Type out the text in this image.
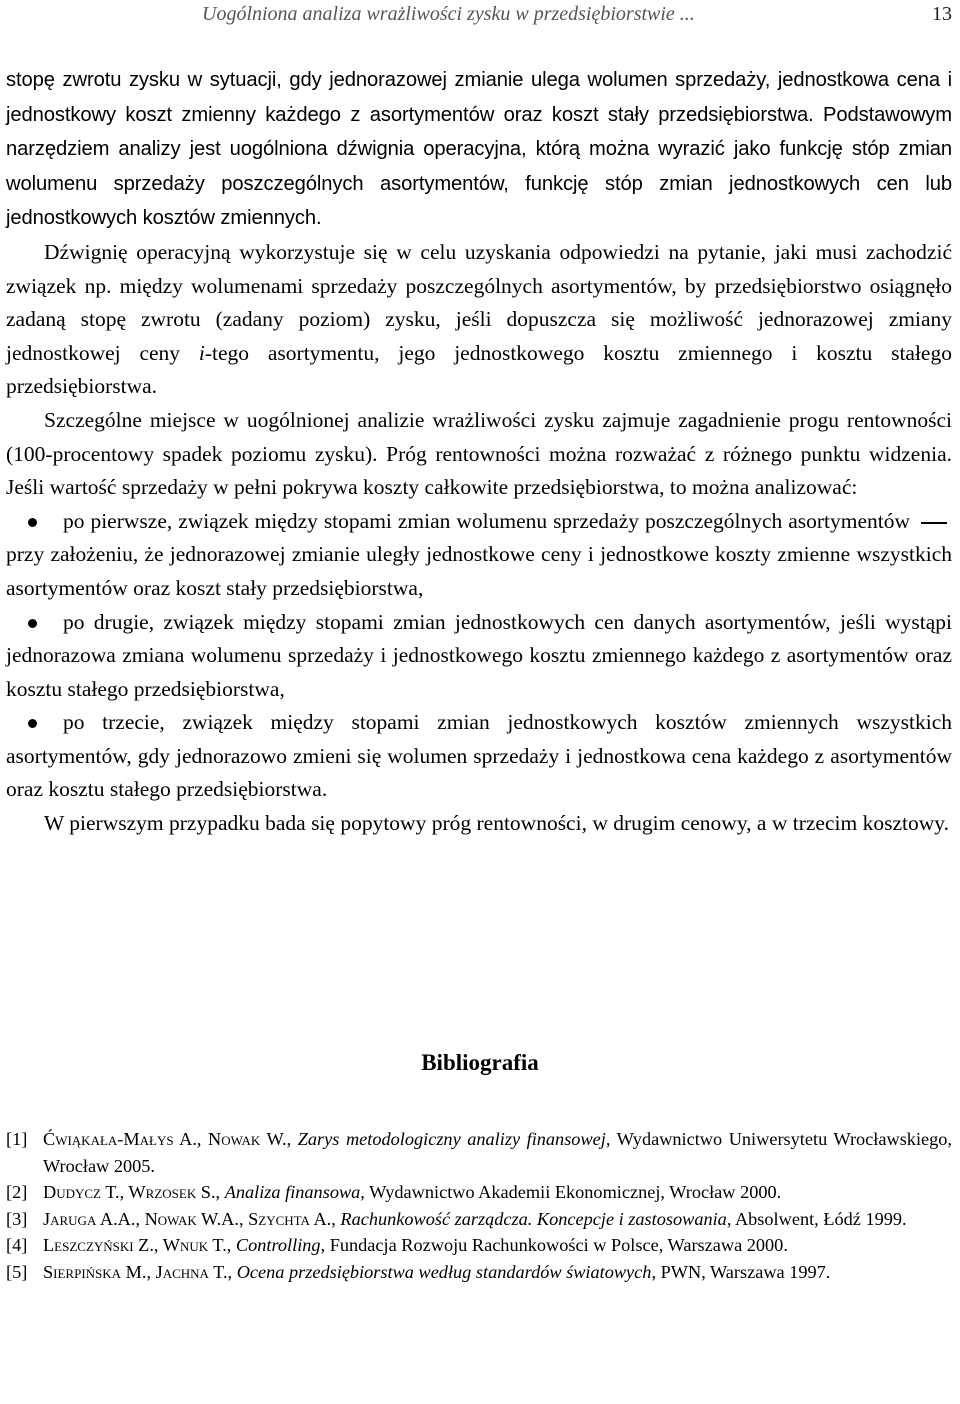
Uogólniona analiza wrażliwości zysku w przedsiębiorstwie ...	13

stopę zwrotu zysku w sytuacji, gdy jednorazowej zmianie ulega wolumen sprzedaży, jednostkowa cena i jednostkowy koszt zmienny każdego z asortymentów oraz koszt stały przedsiębiorstwa. Podstawowym narzędziem analizy jest uogólniona dźwignia operacyjna, którą można wyrazić jako funkcję stóp zmian wolumenu sprzedaży poszczególnych asortymentów, funkcję stóp zmian jednostkowych cen lub jednostkowych kosztów zmiennych.

Dźwignię operacyjną wykorzystuje się w celu uzyskania odpowiedzi na pytanie, jaki musi zachodzić związek np. między wolumenami sprzedaży poszczególnych asortymentów, by przedsiębiorstwo osiągnęło zadaną stopę zwrotu (zadany poziom) zysku, jeśli dopuszcza się możliwość jednorazowej zmiany jednostkowej ceny i-tego asortymentu, jego jednostkowego kosztu zmiennego i kosztu stałego przedsiębiorstwa.

Szczególne miejsce w uogólnionej analizie wrażliwości zysku zajmuje zagadnienie progu rentowności (100-procentowy spadek poziomu zysku). Próg rentowności można rozważać z różnego punktu widzenia. Jeśli wartość sprzedaży w pełni pokrywa koszty całkowite przedsiębiorstwa, to można analizować:

po pierwsze, związek między stopami zmian wolumenu sprzedaży poszczególnych asortymentów  przy założeniu, że jednorazowej zmianie uległy jednostkowe ceny i jednostkowe koszty zmienne wszystkich asortymentów oraz koszt stały przedsiębiorstwa,
po drugie, związek między stopami zmian jednostkowych cen danych asortymentów, jeśli wystąpi jednorazowa zmiana wolumenu sprzedaży i jednostkowego kosztu zmiennego każdego z asortymentów oraz kosztu stałego przedsiębiorstwa,
po trzecie, związek między stopami zmian jednostkowych kosztów zmiennych wszystkich asortymentów, gdy jednorazowo zmieni się wolumen sprzedaży i jednostkowa cena każdego z asortymentów oraz kosztu stałego przedsiębiorstwa.

W pierwszym przypadku bada się popytowy próg rentowności, w drugim cenowy, a w trzecim kosztowy.

Bibliografia

[1] Ćwiąkała-Małys A., Nowak W., Zarys metodologiczny analizy finansowej, Wydawnictwo Uniwersytetu Wrocławskiego, Wrocław 2005.

[2] Dudycz T., Wrzosek S., Analiza finansowa, Wydawnictwo Akademii Ekonomicznej, Wrocław 2000.

[3] Jaruga A.A., Nowak W.A., Szychta A., Rachunkowość zarządcza. Koncepcje i zastosowania, Absolwent, Łódź 1999.

[4] Leszczyński Z., Wnuk T., Controlling, Fundacja Rozwoju Rachunkowości w Polsce, Warszawa 2000.

[5] Sierpińska M., Jachna T., Ocena przedsiębiorstwa według standardów światowych, PWN, Warszawa 1997.
